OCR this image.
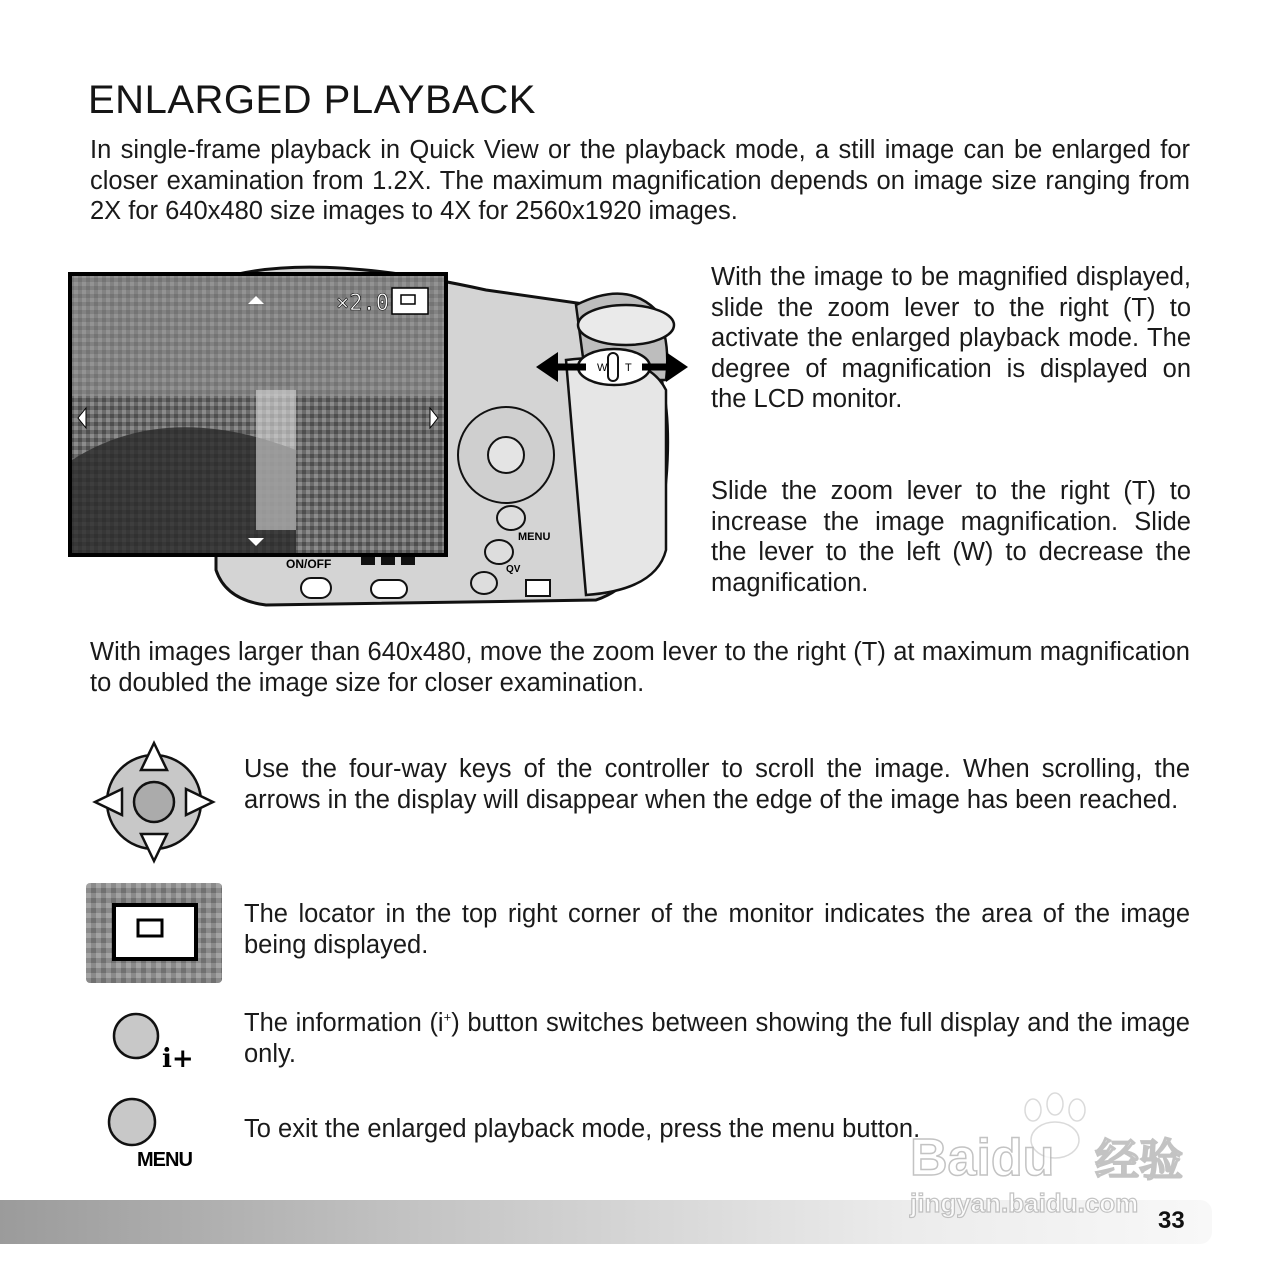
ENLARGED PLAYBACK
In single-frame playback in Quick View or the playback mode, a still image can be enlarged for closer examination from 1.2X. The maximum magnification depends on image size ranging from 2X for 640x480 size images to 4X for 2560x1920 images.
W T
MENU
QV
ON/OFF
×2.0
With the image to be magnified displayed, slide the zoom lever to the right (T) to activate the enlarged playback mode. The degree of magnification is displayed on the LCD monitor.
Slide the zoom lever to the right (T) to increase the image magnification. Slide the lever to the left (W) to decrease the magnification.
With images larger than 640x480, move the zoom lever to the right (T) at maximum magnification to doubled the image size for closer examination.
Use the four-way keys of the controller to scroll the image. When scrolling, the arrows in the display will disappear when the edge of the image has been reached.
The locator in the top right corner of the monitor indicates the area of the image being displayed.
i+
The information (i+) button switches between showing the full display and the image only.
MENU
To exit the enlarged playback mode, press the menu button.
33
Baidu 经验
jingyan.baidu.com
